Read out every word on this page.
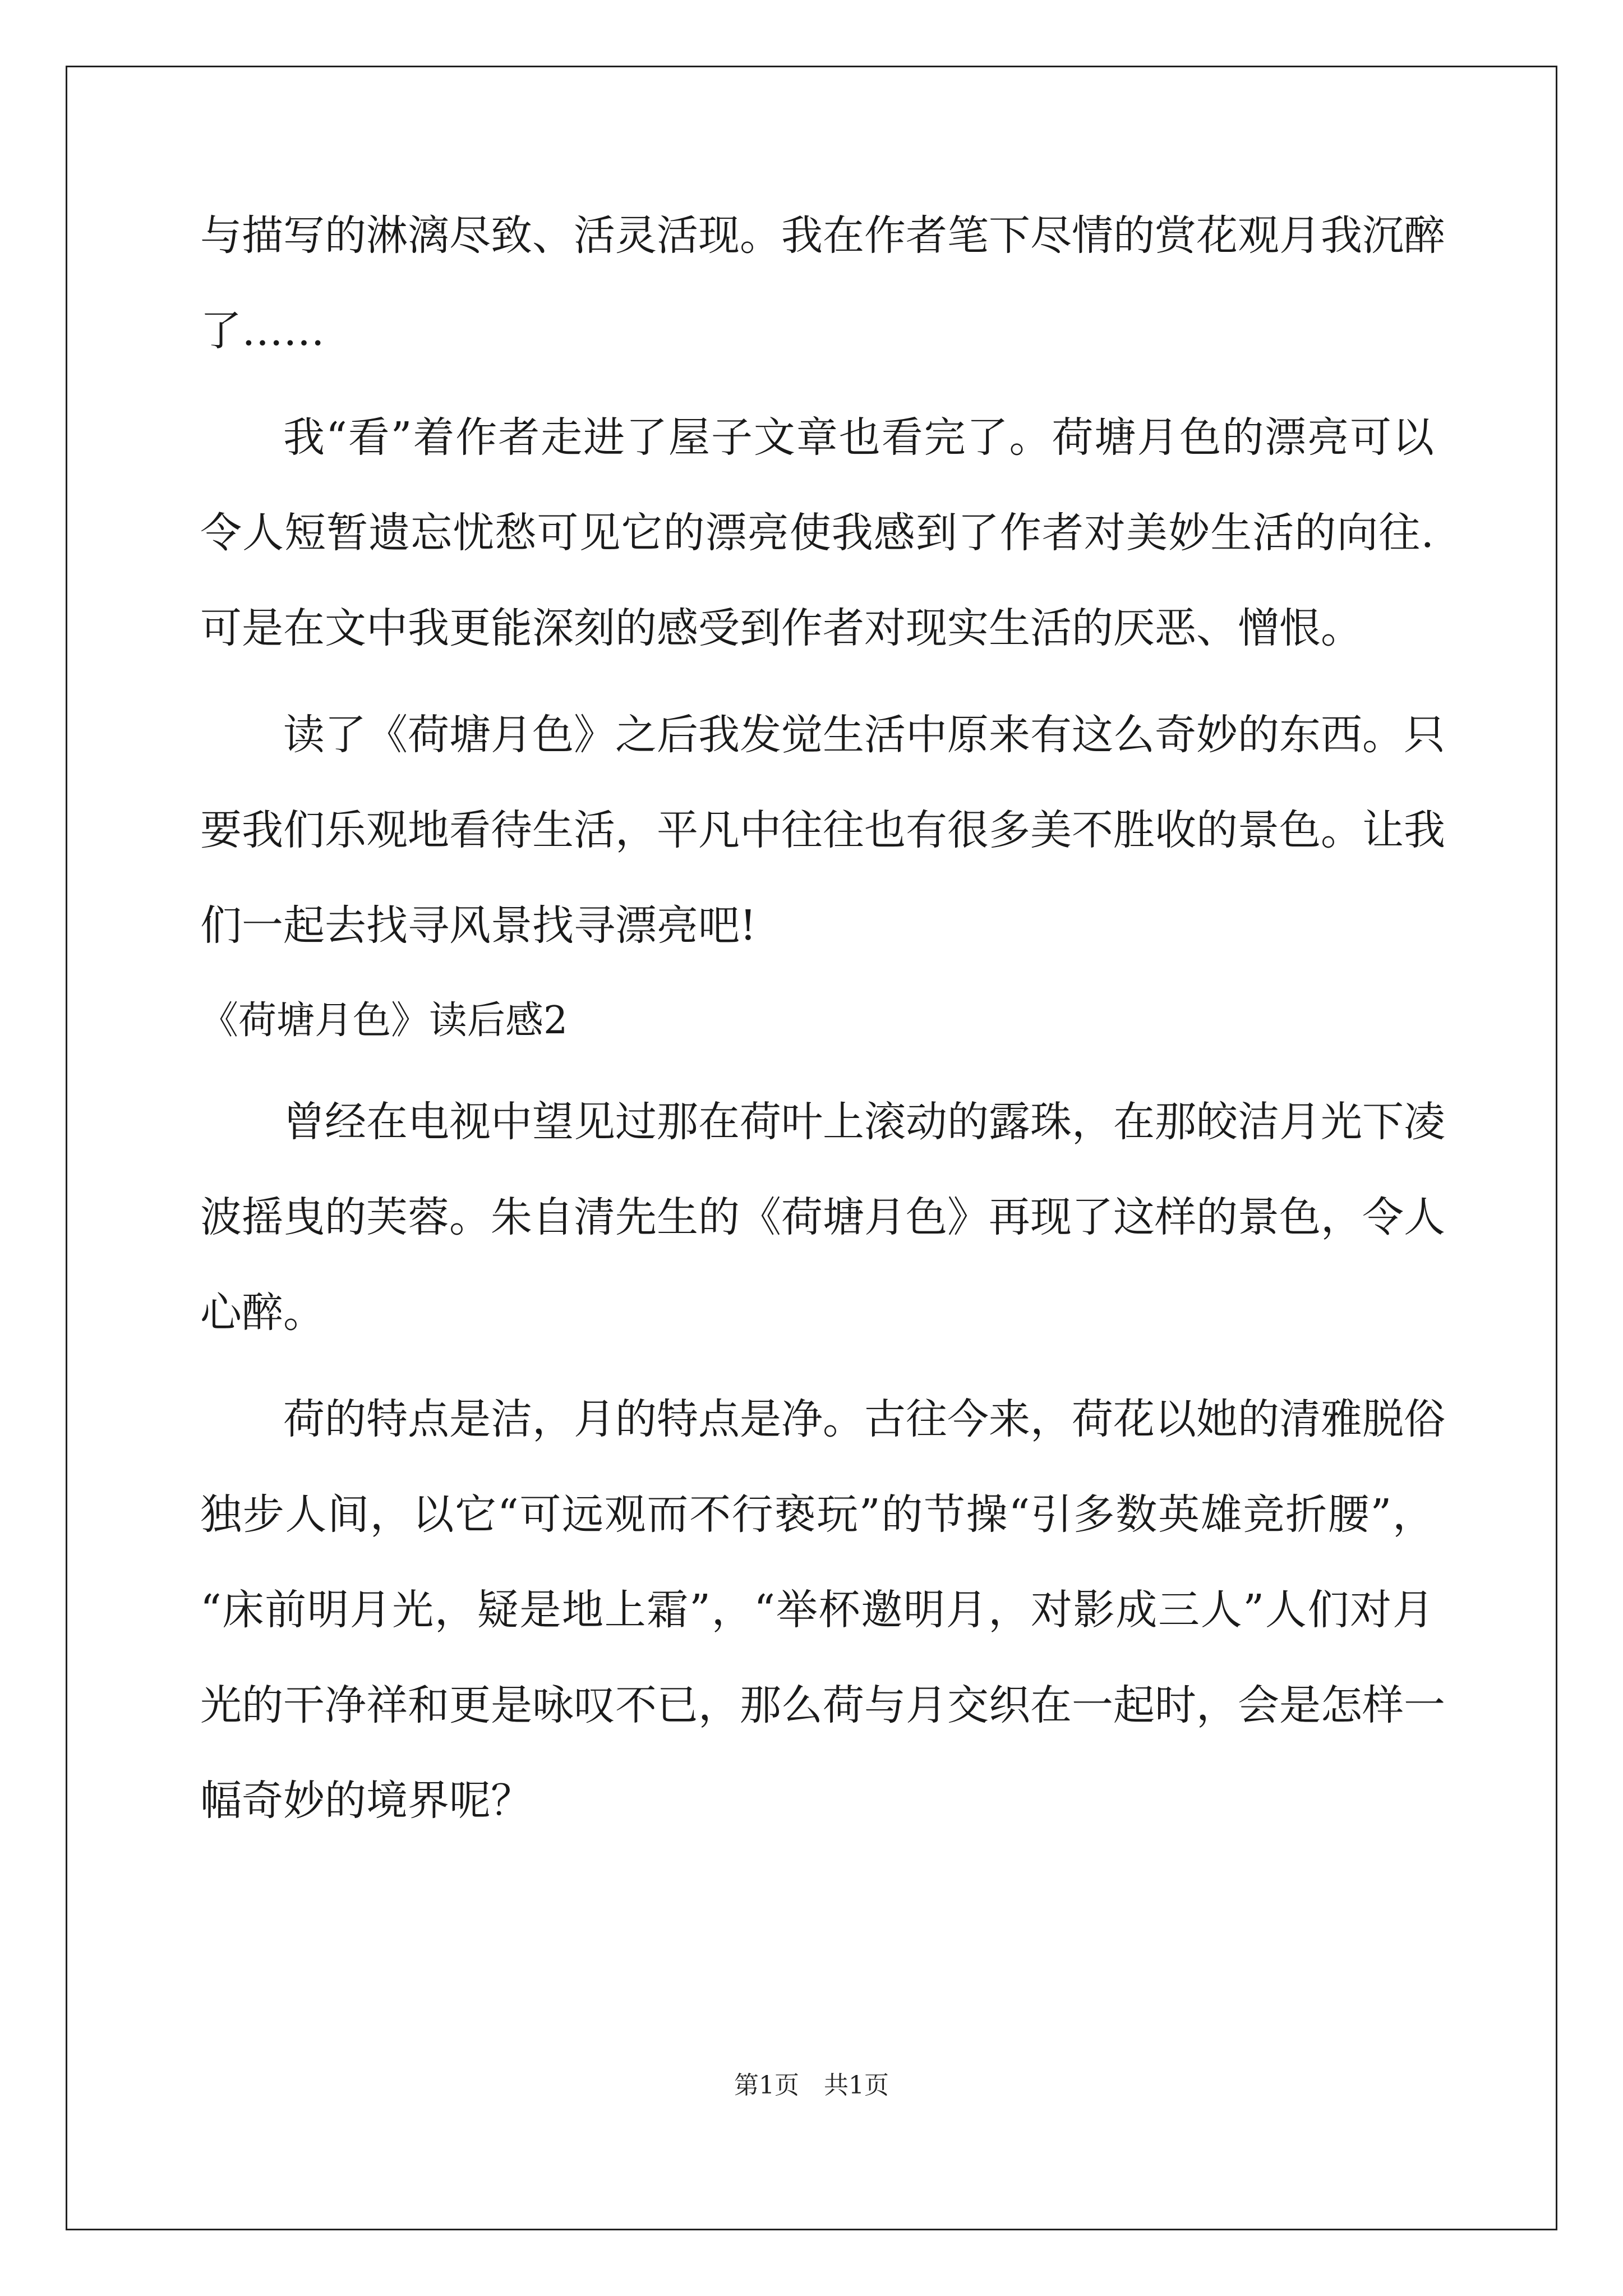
与描写的淋漓尽致、活灵活现。我在作者笔下尽情的赏花观月我沉醉
了……
我“看”着作者走进了屋子文章也看完了。荷塘月色的漂亮可以
令人短暂遗忘忧愁可见它的漂亮使我感到了作者对美妙生活的向往.
可是在文中我更能深刻的感受到作者对现实生活的厌恶、憎恨。
读了《荷塘月色》之后我发觉生活中原来有这么奇妙的东西。只
要我们乐观地看待生活，平凡中往往也有很多美不胜收的景色。让我
们一起去找寻风景找寻漂亮吧!
《荷塘月色》读后感2
曾经在电视中望见过那在荷叶上滚动的露珠，在那皎洁月光下凌
波摇曳的芙蓉。朱自清先生的《荷塘月色》再现了这样的景色，令人
心醉。
荷的特点是洁，月的特点是净。古往今来，荷花以她的清雅脱俗
独步人间，以它“可远观而不行亵玩”的节操“引多数英雄竞折腰”，
“床前明月光，疑是地上霜”，“举杯邀明月，对影成三人”人们对月
光的干净祥和更是咏叹不已，那么荷与月交织在一起时，会是怎样一
幅奇妙的境界呢？
第1页　共1页
